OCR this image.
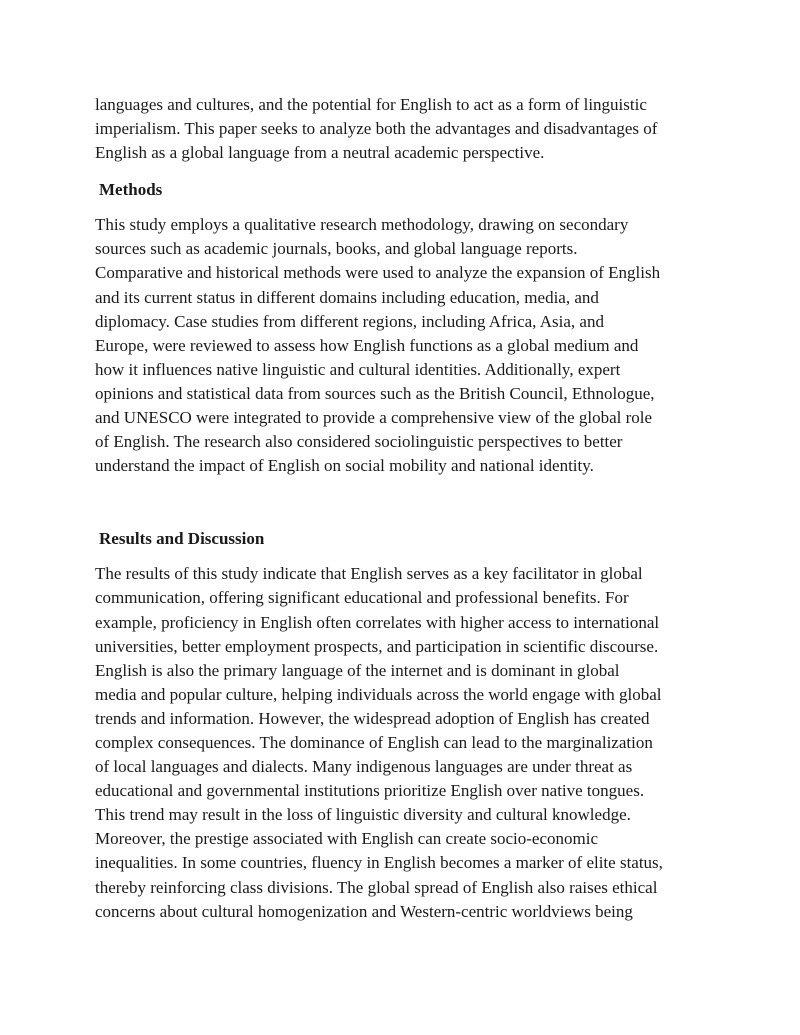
languages and cultures, and the potential for English to act as a form of linguistic
imperialism. This paper seeks to analyze both the advantages and disadvantages of
English as a global language from a neutral academic perspective.

Methods

This study employs a qualitative research methodology, drawing on secondary
sources such as academic journals, books, and global language reports.
Comparative and historical methods were used to analyze the expansion of English
and its current status in different domains including education, media, and
diplomacy. Case studies from different regions, including Africa, Asia, and
Europe, were reviewed to assess how English functions as a global medium and
how it influences native linguistic and cultural identities. Additionally, expert
opinions and statistical data from sources such as the British Council, Ethnologue,
and UNESCO were integrated to provide a comprehensive view of the global role
of English. The research also considered sociolinguistic perspectives to better
understand the impact of English on social mobility and national identity.

Results and Discussion

The results of this study indicate that English serves as a key facilitator in global
communication, offering significant educational and professional benefits. For
example, proficiency in English often correlates with higher access to international
universities, better employment prospects, and participation in scientific discourse.
English is also the primary language of the internet and is dominant in global
media and popular culture, helping individuals across the world engage with global
trends and information. However, the widespread adoption of English has created
complex consequences. The dominance of English can lead to the marginalization
of local languages and dialects. Many indigenous languages are under threat as
educational and governmental institutions prioritize English over native tongues.
This trend may result in the loss of linguistic diversity and cultural knowledge.
Moreover, the prestige associated with English can create socio-economic
inequalities. In some countries, fluency in English becomes a marker of elite status,
thereby reinforcing class divisions. The global spread of English also raises ethical
concerns about cultural homogenization and Western-centric worldviews being
